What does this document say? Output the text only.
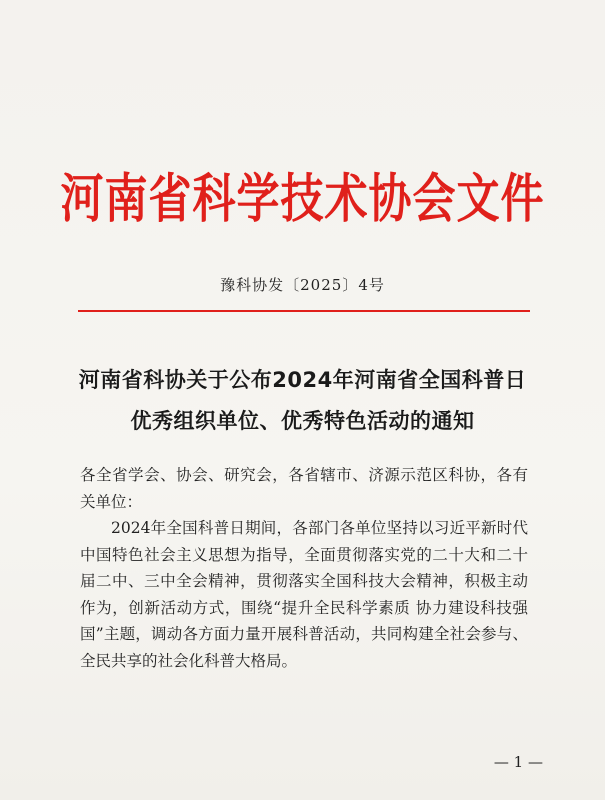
河南省科学技术协会文件
豫科协发〔2025〕4号
河南省科协关于公布2024年河南省全国科普日
优秀组织单位、优秀特色活动的通知

各全省学会、协会、研究会，各省辖市、济源示范区科协，各有关单位：

2024年全国科普日期间，各部门各单位坚持以习近平新时代中国特色社会主义思想为指导，全面贯彻落实党的二十大和二十届二中、三中全会精神，贯彻落实全国科技大会精神，积极主动作为，创新活动方式，围绕“提升全民科学素质 协力建设科技强国”主题，调动各方面力量开展科普活动，共同构建全社会参与、全民共享的社会化科普大格局。

— 1 —
